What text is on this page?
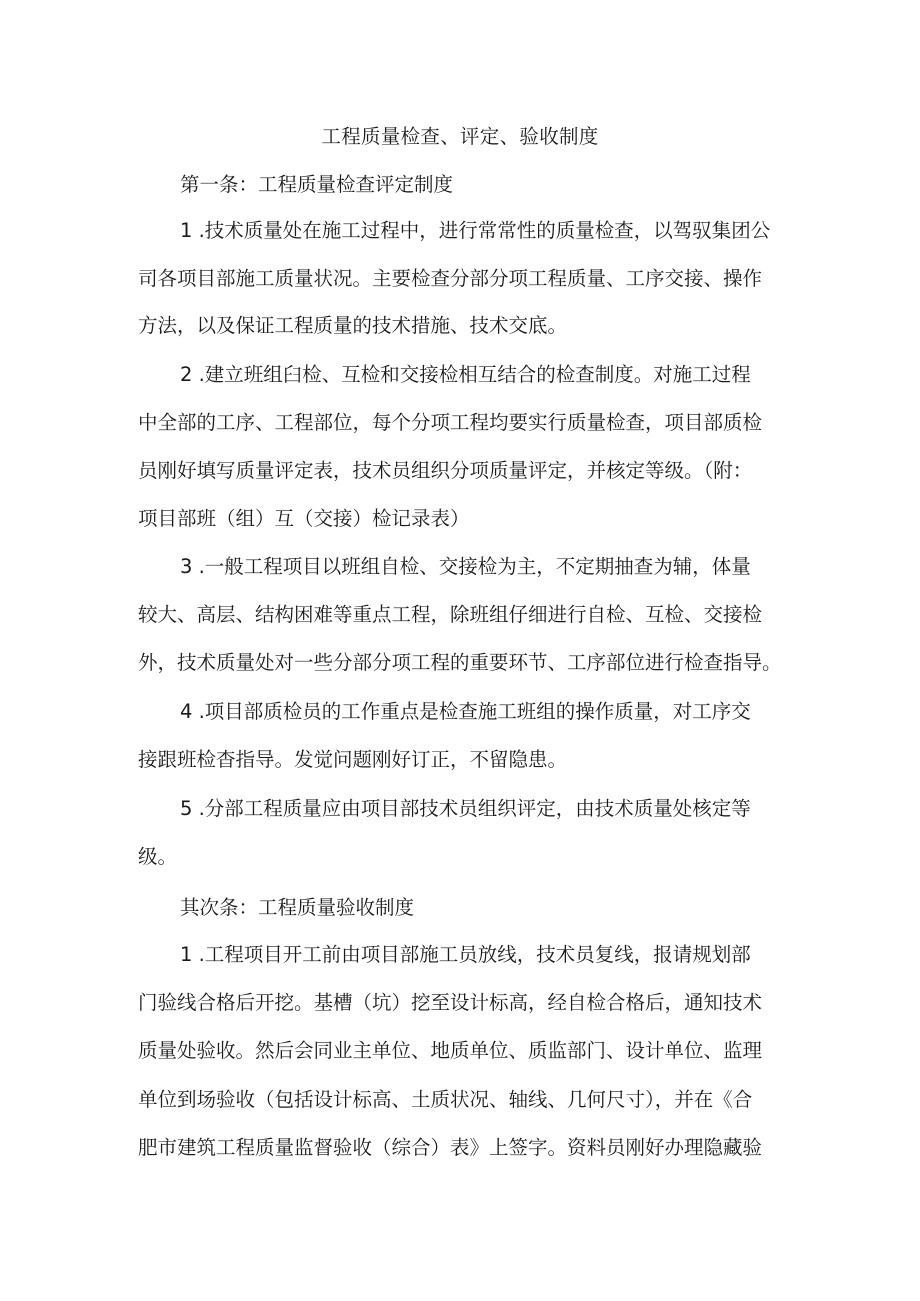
工程质量检查、评定、验收制度
第一条：工程质量检查评定制度
1 .技术质量处在施工过程中，进行常常性的质量检查，以驾驭集团公
司各项目部施工质量状况。主要检查分部分项工程质量、工序交接、操作
方法，以及保证工程质量的技术措施、技术交底。
2 .建立班组臼检、互检和交接检相互结合的检查制度。对施工过程
中全部的工序、工程部位，每个分项工程均要实行质量检查，项目部质检
员刚好填写质量评定表，技术员组织分项质量评定，并核定等级。（附：
项目部班（组）互（交接）检记录表）
3 .一般工程项目以班组自检、交接检为主，不定期抽查为辅，体量
较大、高层、结构困难等重点工程，除班组仔细进行自检、互检、交接检
外，技术质量处对一些分部分项工程的重要环节、工序部位进行检查指导。
4 .项目部质检员的工作重点是检查施工班组的操作质量，对工序交
接跟班检杳指导。发觉问题刚好订正，不留隐患。
5 .分部工程质量应由项目部技术员组织评定，由技术质量处核定等
级。
其次条：工程质量验收制度
1 .工程项目开工前由项目部施工员放线，技术员复线，报请规划部
门验线合格后开挖。基槽（坑）挖至设计标高，经自检合格后，通知技术
质量处验收。然后会同业主单位、地质单位、质监部门、设计单位、监理
单位到场验收（包括设计标高、土质状况、轴线、几何尺寸），并在《合
肥市建筑工程质量监督验收（综合）表》上签字。资料员刚好办理隐藏验
